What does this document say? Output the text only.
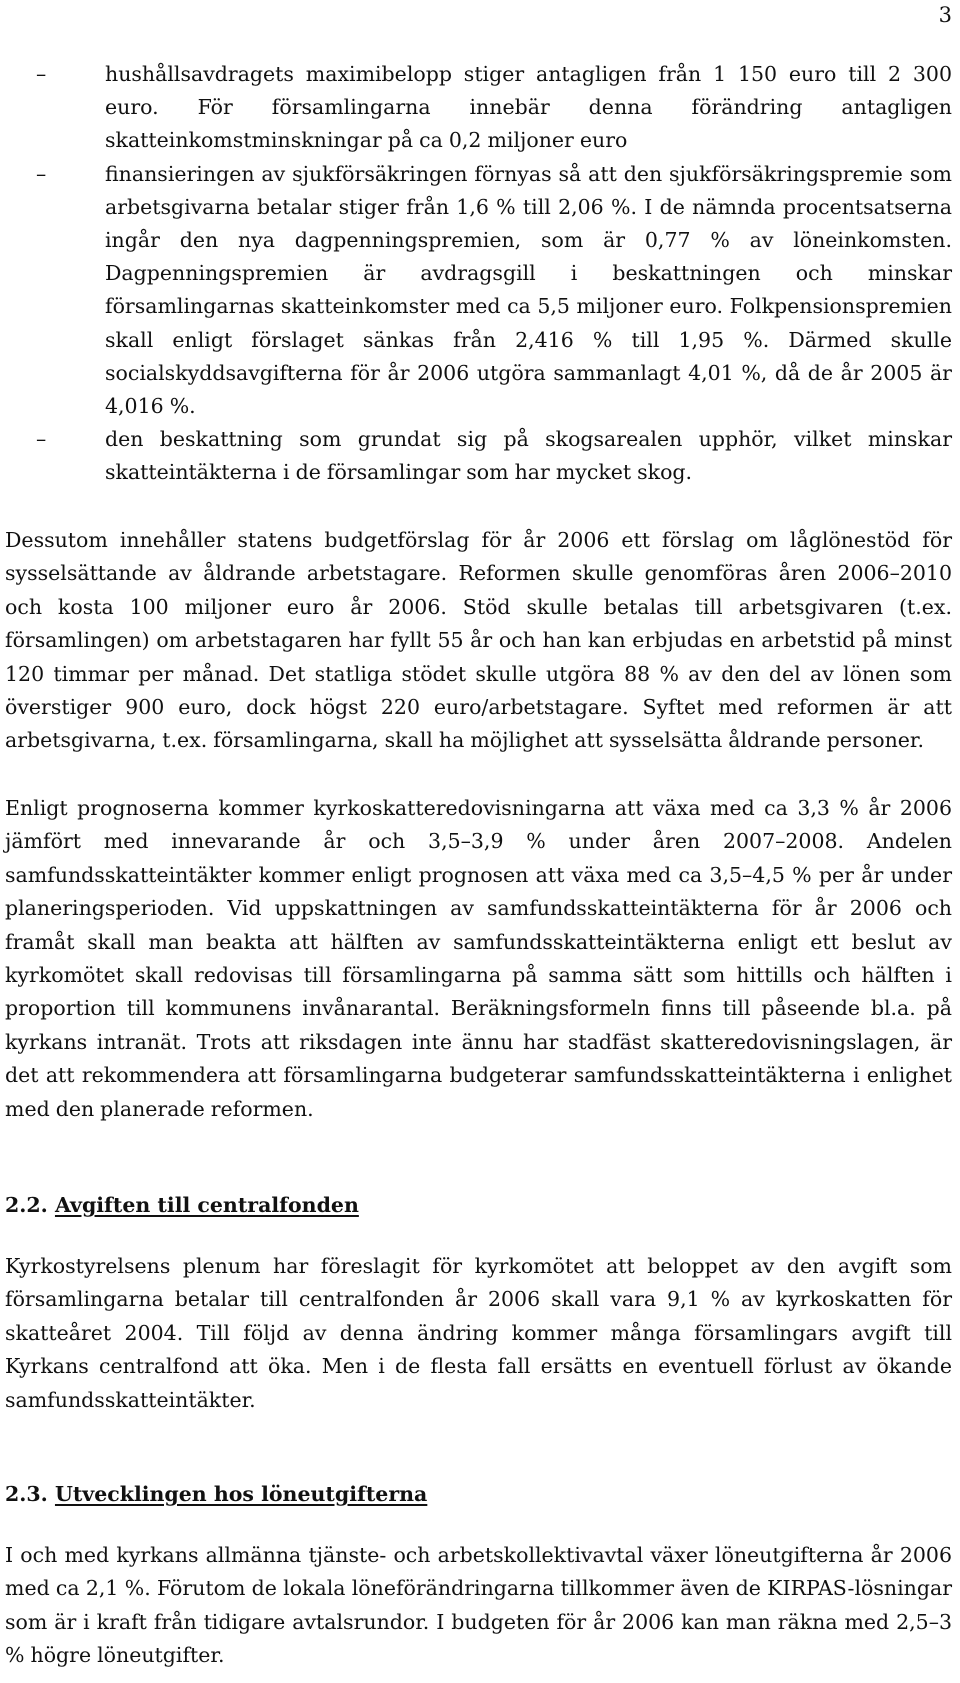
3
–	hushållsavdragets maximibelopp stiger antagligen från 1 150 euro till 2 300 euro. För församlingarna innebär denna förändring antagligen skatteinkomstminskningar på ca 0,2 miljoner euro
–	finansieringen av sjukförsäkringen förnyas så att den sjukförsäkringspremie som arbetsgivarna betalar stiger från 1,6 % till 2,06 %. I de nämnda procentsatserna ingår den nya dagpenningspremien, som är 0,77 % av löneinkomsten. Dagpenningspremien är avdragsgill i beskattningen och minskar församlingarnas skatteinkomster med ca 5,5 miljoner euro. Folkpensionspremien skall enligt förslaget sänkas från 2,416 % till 1,95 %. Därmed skulle socialskyddsavgifterna för år 2006 utgöra sammanlagt 4,01 %, då de år 2005 är 4,016 %.
–	den beskattning som grundat sig på skogsarealen upphör, vilket minskar skatteintäkterna i de församlingar som har mycket skog.

Dessutom innehåller statens budgetförslag för år 2006 ett förslag om låglönestöd för sysselsättande av åldrande arbetstagare. Reformen skulle genomföras åren 2006–2010 och kosta 100 miljoner euro år 2006. Stöd skulle betalas till arbetsgivaren (t.ex. församlingen) om arbetstagaren har fyllt 55 år och han kan erbjudas en arbetstid på minst 120 timmar per månad. Det statliga stödet skulle utgöra 88 % av den del av lönen som överstiger 900 euro, dock högst 220 euro/arbetstagare. Syftet med reformen är att arbetsgivarna, t.ex. församlingarna, skall ha möjlighet att sysselsätta åldrande personer.

Enligt prognoserna kommer kyrkoskatteredovisningarna att växa med ca 3,3 % år 2006 jämfört med innevarande år och 3,5–3,9 % under åren 2007–2008. Andelen samfundsskatteintäkter kommer enligt prognosen att växa med ca 3,5–4,5 % per år under planeringsperioden. Vid uppskattningen av samfundsskatteintäkterna för år 2006 och framåt skall man beakta att hälften av samfundsskatteintäkterna enligt ett beslut av kyrkomötet skall redovisas till församlingarna på samma sätt som hittills och hälften i proportion till kommunens invånarantal. Beräkningsformeln finns till påseende bl.a. på kyrkans intranät. Trots att riksdagen inte ännu har stadfäst skatteredovisningslagen, är det att rekommendera att församlingarna budgeterar samfundsskatteintäkterna i enlighet med den planerade reformen.

2.2. Avgiften till centralfonden

Kyrkostyrelsens plenum har föreslagit för kyrkomötet att beloppet av den avgift som församlingarna betalar till centralfonden år 2006 skall vara 9,1 % av kyrkoskatten för skatteåret 2004. Till följd av denna ändring kommer många församlingars avgift till Kyrkans centralfond att öka. Men i de flesta fall ersätts en eventuell förlust av ökande samfundsskatteintäkter.

2.3. Utvecklingen hos löneutgifterna

I och med kyrkans allmänna tjänste- och arbetskollektivavtal växer löneutgifterna år 2006 med ca 2,1 %. Förutom de lokala löneförändringarna tillkommer även de KIRPAS-lösningar som är i kraft från tidigare avtalsrundor. I budgeten för år 2006 kan man räkna med 2,5–3 % högre löneutgifter.
